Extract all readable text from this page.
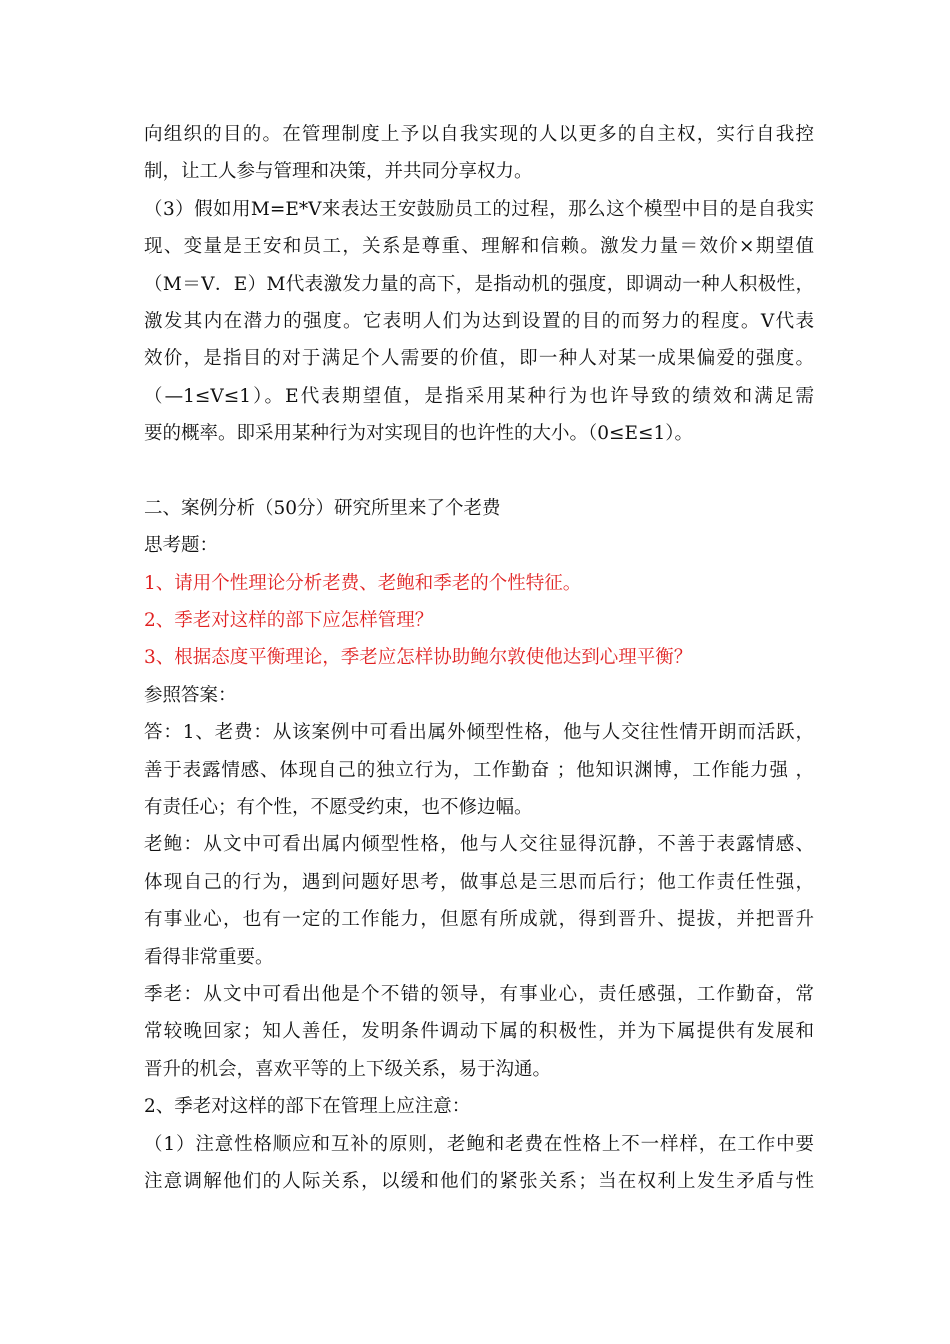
向组织的目的。在管理制度上予以自我实现的人以更多的自主权，实行自我控
制，让工人参与管理和决策，并共同分享权力。
（3）假如用M=E*V来表达王安鼓励员工的过程，那么这个模型中目的是自我实
现、变量是王安和员工，关系是尊重、理解和信赖。激发力量＝效价×期望值
（M＝V．E）M代表激发力量的高下，是指动机的强度，即调动一种人积极性，
激发其内在潜力的强度。它表明人们为达到设置的目的而努力的程度。V代表
效价，是指目的对于满足个人需要的价值，即一种人对某一成果偏爱的强度。
（—1≤V≤1）。E代表期望值，是指采用某种行为也许导致的绩效和满足需
要的概率。即采用某种行为对实现目的也许性的大小。（0≤E≤1）。
二、案例分析（50分）研究所里来了个老费
思考题：
1、请用个性理论分析老费、老鲍和季老的个性特征。
2、季老对这样的部下应怎样管理？
3、根据态度平衡理论，季老应怎样协助鲍尔敦使他达到心理平衡？
参照答案：
答：1、老费：从该案例中可看出属外倾型性格，他与人交往性情开朗而活跃，
善于表露情感、体现自己的独立行为，工作勤奋 ；他知识渊博，工作能力强 ，
有责任心；有个性，不愿受约束，也不修边幅。
老鲍：从文中可看出属内倾型性格，他与人交往显得沉静，不善于表露情感、
体现自己的行为，遇到问题好思考，做事总是三思而后行；他工作责任性强，
有事业心，也有一定的工作能力，但愿有所成就，得到晋升、提拔，并把晋升
看得非常重要。
季老：从文中可看出他是个不错的领导，有事业心，责任感强，工作勤奋，常
常较晚回家；知人善任，发明条件调动下属的积极性，并为下属提供有发展和
晋升的机会，喜欢平等的上下级关系，易于沟通。
2、季老对这样的部下在管理上应注意：
（1）注意性格顺应和互补的原则，老鲍和老费在性格上不一样样，在工作中要
注意调解他们的人际关系，以缓和他们的紧张关系；当在权利上发生矛盾与性
